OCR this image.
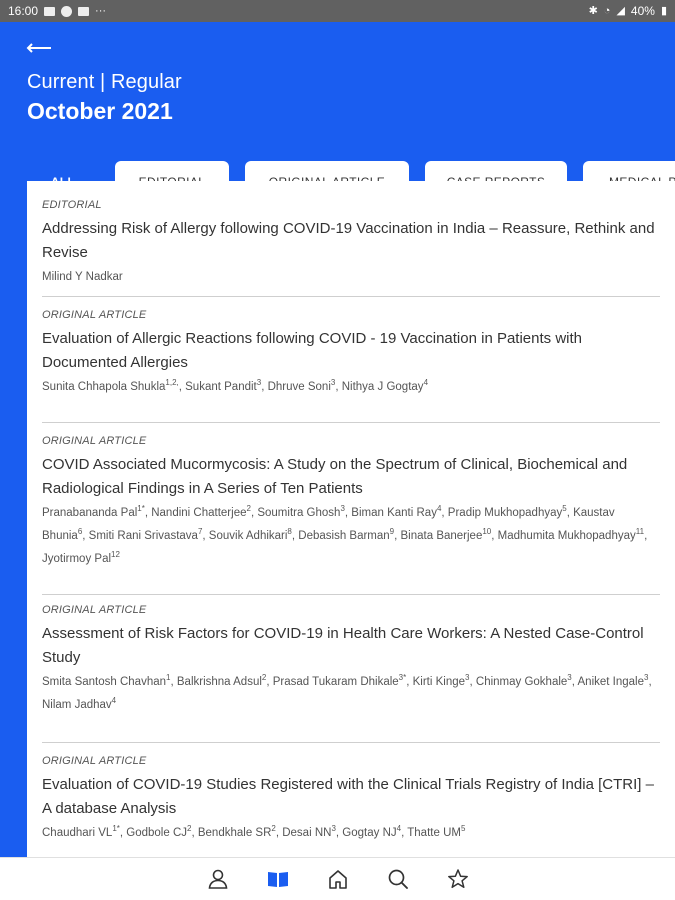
16:00	···	✱ ◔ ◢ 40% ▮
Current | Regular
October 2021
EDITORIAL
Addressing Risk of Allergy following COVID-19 Vaccination in India – Reassure, Rethink and Revise
Milind Y Nadkar
ORIGINAL ARTICLE
Evaluation of Allergic Reactions following COVID - 19 Vaccination in Patients with Documented Allergies
Sunita Chhapola Shukla$^{1,2,}$, Sukant Pandit$^3$, Dhruve Soni$^3$, Nithya J Gogtay$^4$
ORIGINAL ARTICLE
COVID Associated Mucormycosis: A Study on the Spectrum of Clinical, Biochemical and Radiological Findings in A Series of Ten Patients
Pranabananda Pal$^{1*}$, Nandini Chatterjee$^2$, Soumitra Ghosh$^3$, Biman Kanti Ray$^4$, Pradip Mukhopadhyay$^5$, Kaustav Bhunia$^6$, Smiti Rani Srivastava$^7$, Souvik Adhikari$^8$, Debasish Barman$^9$, Binata Banerjee$^{10}$, Madhumita Mukhopadhyay$^{11}$, Jyotirmoy Pal$^{12}$
ORIGINAL ARTICLE
Assessment of Risk Factors for COVID-19 in Health Care Workers: A Nested Case-Control Study
Smita Santosh Chavhan$^1$, Balkrishna Adsul$^2$, Prasad Tukaram Dhikale$^{3*}$, Kirti Kinge$^3$, Chinmay Gokhale$^3$, Aniket Ingale$^3$, Nilam Jadhav$^4$
ORIGINAL ARTICLE
Evaluation of COVID-19 Studies Registered with the Clinical Trials Registry of India [CTRI] – A database Analysis
Chaudhari $VL^{1*}$, Godbole $CJ^2$, Bendkhale $SR^2$, Desai $NN^3$, Gogtay $NJ^4$, Thatte $UM^5$
